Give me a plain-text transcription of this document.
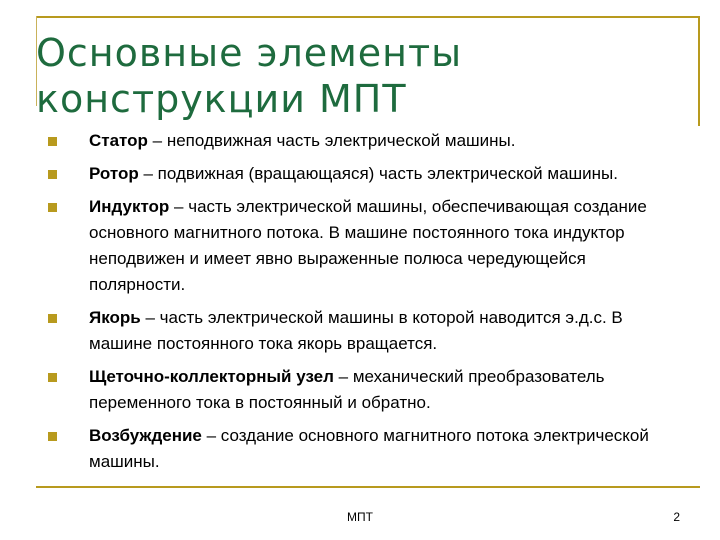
Основные элементы
конструкции МПТ
Статор – неподвижная часть электрической машины.
Ротор – подвижная (вращающаяся) часть электрической машины.
Индуктор – часть электрической машины, обеспечивающая создание основного магнитного потока. В машине постоянного тока индуктор неподвижен и имеет явно выраженные полюса чередующейся полярности.
Якорь – часть электрической машины в которой наводится э.д.с. В машине постоянного тока якорь вращается.
Щеточно-коллекторный узел – механический преобразователь переменного тока в постоянный и обратно.
Возбуждение – создание основного магнитного потока электрической машины.
МПТ	2
